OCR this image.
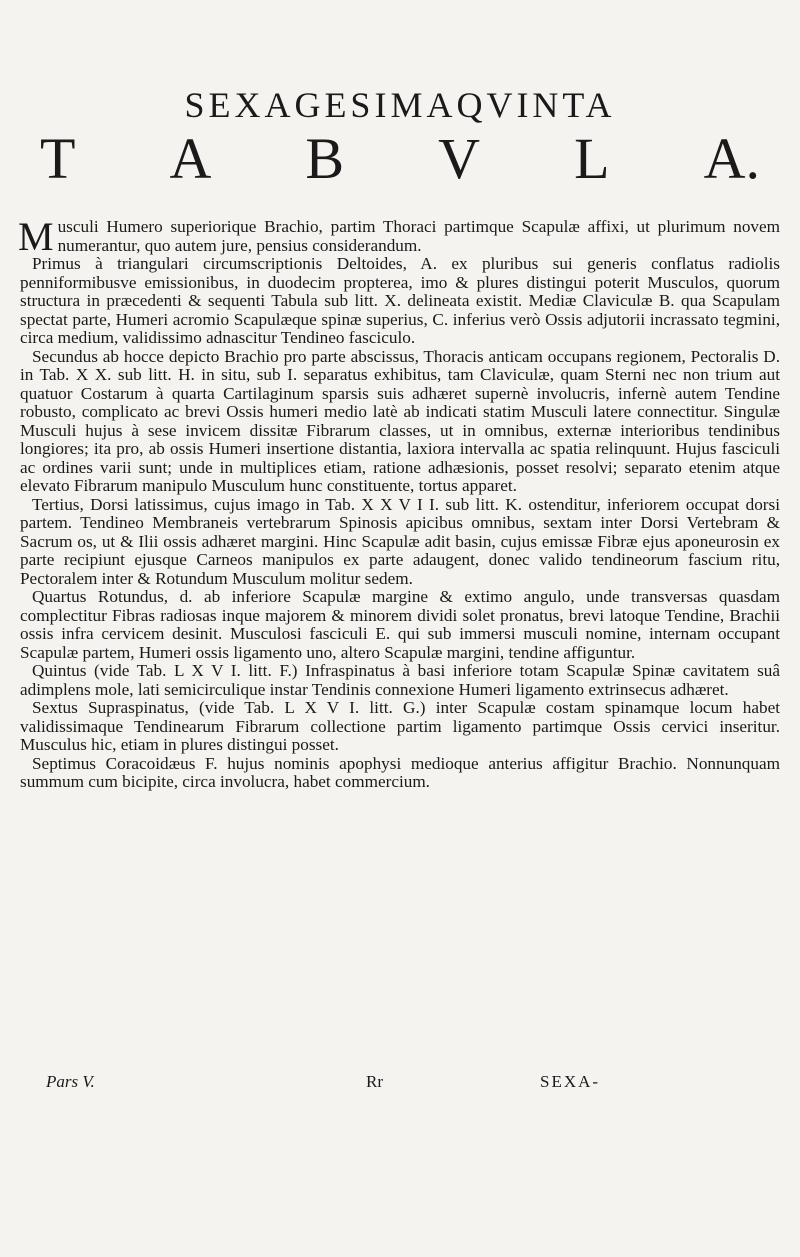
SEXAGESIMAQVINTA
T A B V L A.

Musculi Humero superiorique Brachio, partim Thoraci partimque Scapulæ affixi, ut plurimum novem numerantur, quo autem jure, pensius considerandum.

Primus à triangulari circumscriptionis Deltoides, A. ex pluribus sui generis conflatus radiolis penniformibusve emissionibus, in duodecim propterea, imo & plures distingui poterit Musculos, quorum structura in præcedenti & sequenti Tabula sub litt. X. delineata existit. Mediæ Claviculæ B. qua Scapulam spectat parte, Humeri acromio Scapulæque spinæ superius, C. inferius verò Ossis adjutorii incrassato tegmini, circa medium, validissimo adnascitur Tendineo fasciculo.

Secundus ab hocce depicto Brachio pro parte abscissus, Thoracis anticam occupans regionem, Pectoralis D. in Tab. X X. sub litt. H. in situ, sub I. separatus exhibitus, tam Claviculæ, quam Sterni nec non trium aut quatuor Costarum à quarta Cartilaginum sparsis suis adhæret supernè involucris, infernè autem Tendine robusto, complicato ac brevi Ossis humeri medio latè ab indicati statim Musculi latere connectitur. Singulæ Musculi hujus à sese invicem dissitæ Fibrarum classes, ut in omnibus, externæ interioribus tendinibus longiores; ita pro, ab ossis Humeri insertione distantia, laxiora intervalla ac spatia relinquunt. Hujus fasciculi ac ordines varii sunt; unde in multiplices etiam, ratione adhæsionis, posset resolvi; separato etenim atque elevato Fibrarum manipulo Musculum hunc constituente, tortus apparet.

Tertius, Dorsi latissimus, cujus imago in Tab. X X V I I. sub litt. K. ostenditur, inferiorem occupat dorsi partem. Tendineo Membraneis vertebrarum Spinosis apicibus omnibus, sextam inter Dorsi Vertebram & Sacrum os, ut & Ilii ossis adhæret margini. Hinc Scapulæ adit basin, cujus emissæ Fibræ ejus aponeurosin ex parte recipiunt ejusque Carneos manipulos ex parte adaugent, donec valido tendineorum fascium ritu, Pectoralem inter & Rotundum Musculum molitur sedem.

Quartus Rotundus, d. ab inferiore Scapulæ margine & extimo angulo, unde transversas quasdam complectitur Fibras radiosas inque majorem & minorem dividi solet pronatus, brevi latoque Tendine, Brachii ossis infra cervicem desinit. Musculosi fasciculi E. qui sub immersi musculi nomine, internam occupant Scapulæ partem, Humeri ossis ligamento uno, altero Scapulæ margini, tendine affiguntur.

Quintus (vide Tab. L X V I. litt. F.) Infraspinatus à basi inferiore totam Scapulæ Spinæ cavitatem suâ adimplens mole, lati semicirculique instar Tendinis connexione Humeri ligamento extrinsecus adhæret.

Sextus Supraspinatus, (vide Tab. L X V I. litt. G.) inter Scapulæ costam spinamque locum habet validissimaque Tendinearum Fibrarum collectione partim ligamento partimque Ossis cervici inseritur. Musculus hic, etiam in plures distingui posset.

Septimus Coracoidæus F. hujus nominis apophysi medioque anterius affigitur Brachio. Nonnunquam summum cum bicipite, circa involucra, habet commercium.

Pars V.	Rr	SEXA-
